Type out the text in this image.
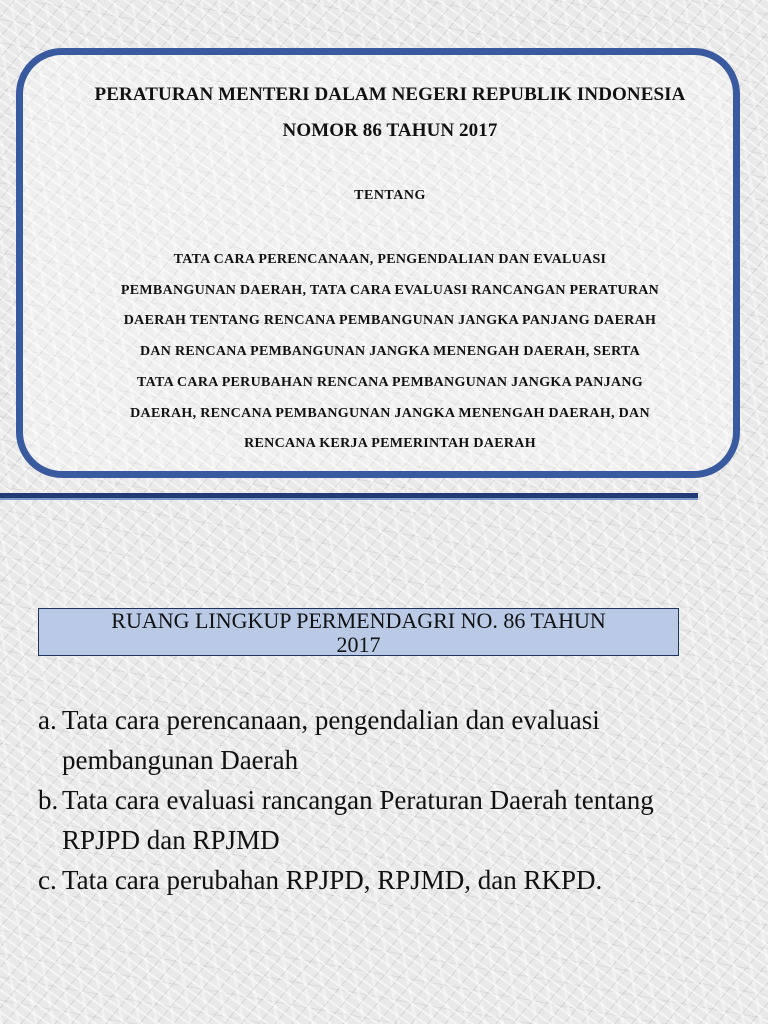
PERATURAN MENTERI DALAM NEGERI REPUBLIK INDONESIA
NOMOR 86 TAHUN 2017
TENTANG

TATA CARA PERENCANAAN, PENGENDALIAN DAN EVALUASI
PEMBANGUNAN DAERAH, TATA CARA EVALUASI RANCANGAN PERATURAN
DAERAH TENTANG RENCANA PEMBANGUNAN JANGKA PANJANG DAERAH
DAN RENCANA PEMBANGUNAN JANGKA MENENGAH DAERAH, SERTA
TATA CARA PERUBAHAN RENCANA PEMBANGUNAN JANGKA PANJANG
DAERAH, RENCANA PEMBANGUNAN JANGKA MENENGAH DAERAH, DAN
RENCANA KERJA PEMERINTAH DAERAH

RUANG LINGKUP PERMENDAGRI NO. 86 TAHUN
2017
a. Tata cara perencanaan, pengendalian dan evaluasi pembangunan Daerah
b. Tata cara evaluasi rancangan Peraturan Daerah tentang RPJPD dan RPJMD
c. Tata cara perubahan RPJPD, RPJMD, dan RKPD.
